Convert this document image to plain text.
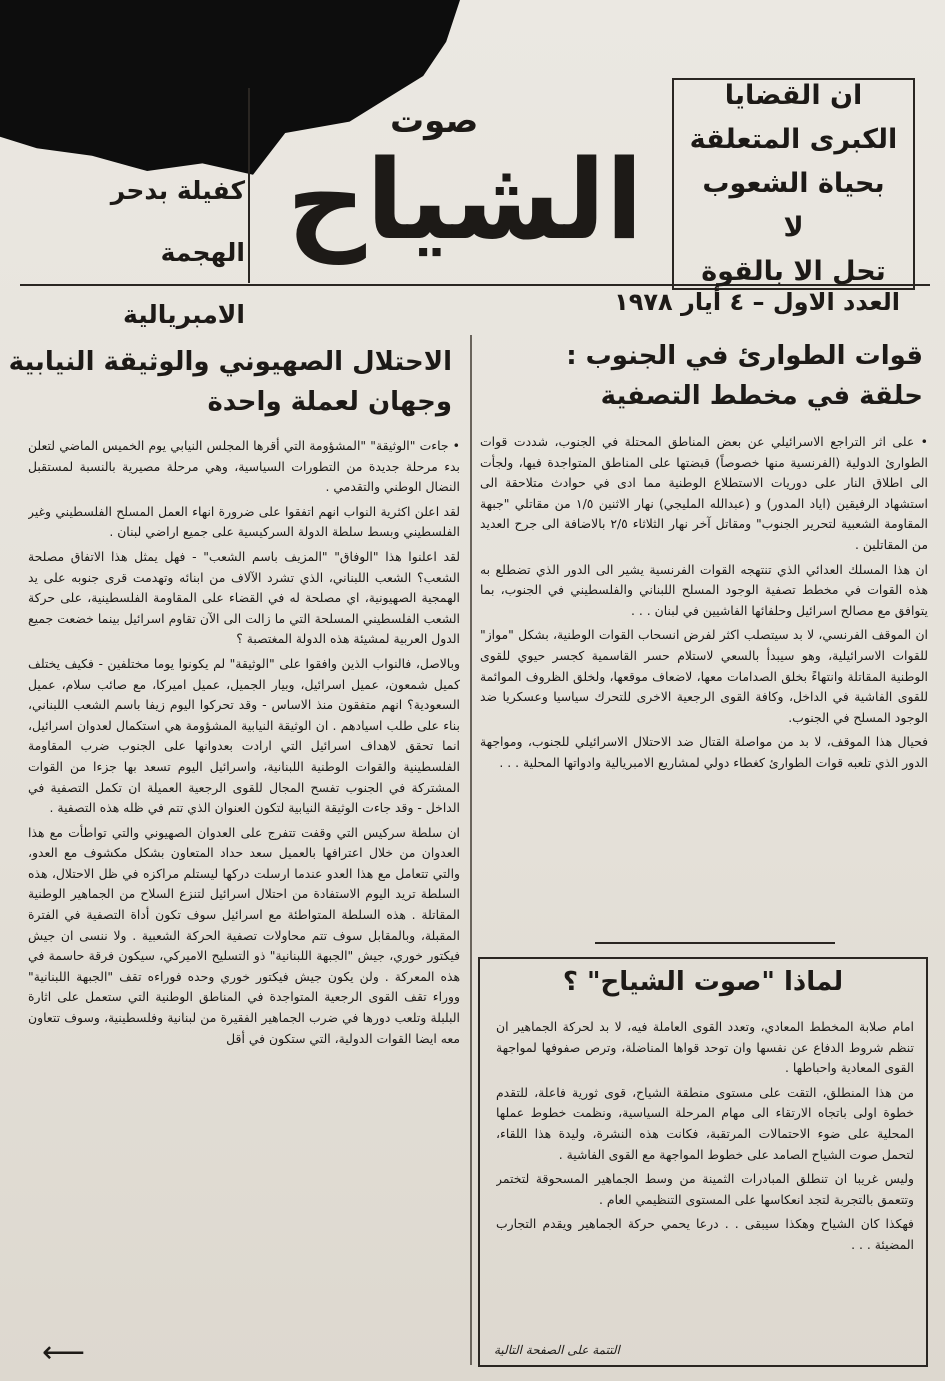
ان القضايا
الكبرى المتعلقة
بحياة الشعوب
لا
تحل الا بالقوة
صوت
الشياح
كفيلة بدحر
الهجمة الامبريالية	العدد الاول – ٤ أيار ١٩٧٨
قوات الطوارئ في الجنوب :
حلقة في مخطط التصفية

• على اثر التراجع الاسرائيلي عن بعض المناطق المحتلة في الجنوب، شددت قوات الطوارئ الدولية (الفرنسية منها خصوصاً) قبضتها على المناطق المتواجدة فيها، ولجأت الى اطلاق النار على دوريات الاستطلاع الوطنية مما ادى في حوادث متلاحقة الى استشهاد الرفيقين (اياد المدور) و (عبدالله المليجي) نهار الاثنين ١/٥ من مقاتلي "جبهة المقاومة الشعبية لتحرير الجنوب" ومقاتل آخر نهار الثلاثاء ٢/٥ بالاضافة الى جرح العديد من المقاتلين .

ان هذا المسلك العدائي الذي تنتهجه القوات الفرنسية يشير الى الدور الذي تضطلع به هذه القوات في مخطط تصفية الوجود المسلح اللبناني والفلسطيني في الجنوب، بما يتوافق مع مصالح اسرائيل وحلفائها الفاشيين في لبنان . . .

ان الموقف الفرنسي، لا بد سيتصلب اكثر لفرض انسحاب القوات الوطنية، بشكل "مواز" للقوات الاسرائيلية، وهو سيبدأ بالسعي لاستلام حسر القاسمية كجسر حيوي للقوى الوطنية المقاتلة وانتهاءً بخلق الصدامات معها، لاضعاف موقعها، ولخلق الظروف الموائمة للقوى الفاشية في الداخل، وكافة القوى الرجعية الاخرى للتحرك سياسيا وعسكريا ضد الوجود المسلح في الجنوب.

فحيال هذا الموقف، لا بد من مواصلة القتال ضد الاحتلال الاسرائيلي للجنوب، ومواجهة الدور الذي تلعبه قوات الطوارئ كغطاء دولي لمشاريع الامبريالية وادواتها المحلية . . .

الاحتلال الصهيوني والوثيقة النيابية
وجهان لعملة واحدة

• جاءت "الوثيقة" "المشؤومة التي أقرها المجلس النيابي يوم الخميس الماضي لتعلن بدء مرحلة جديدة من التطورات السياسية، وهي مرحلة مصيرية بالنسبة لمستقبل النضال الوطني والتقدمي .

لقد اعلن اكثرية النواب انهم اتفقوا على ضرورة انهاء العمل المسلح الفلسطيني وغير الفلسطيني وبسط سلطة الدولة السركيسية على جميع اراضي لبنان .

لقد اعلنوا هذا "الوفاق" "المزيف باسم الشعب" - فهل يمثل هذا الاتفاق مصلحة الشعب؟ الشعب اللبناني، الذي تشرد الآلاف من ابنائه وتهدمت قرى جنوبه على يد الهمجية الصهيونية، اي مصلحة له في القضاء على المقاومة الفلسطينية، على حركة الشعب الفلسطيني المسلحة التي ما زالت الى الآن تقاوم اسرائيل بينما خضعت جميع الدول العربية لمشيئة هذه الدولة المغتصبة ؟

وبالاصل، فالنواب الذين وافقوا على "الوثيقة" لم يكونوا يوما مختلفين - فكيف يختلف كميل شمعون، عميل اسرائيل، وبيار الجميل، عميل اميركا، مع صائب سلام، عميل السعودية؟ انهم متفقون منذ الاساس - وقد تحركوا اليوم زيفا باسم الشعب اللبناني، بناء على طلب اسيادهم . ان الوثيقة النيابية المشؤومة هي استكمال لعدوان اسرائيل، انما تحقق لاهداف اسرائيل التي ارادت بعدوانها على الجنوب ضرب المقاومة الفلسطينية والقوات الوطنية اللبنانية، واسرائيل اليوم تسعد بها جزءا من القوات المشتركة في الجنوب تفسح المجال للقوى الرجعية العميلة ان تكمل التصفية في الداخل - وقد جاءت الوثيقة النيابية لتكون العنوان الذي تتم في ظله هذه التصفية .

ان سلطة سركيس التي وقفت تتفرج على العدوان الصهيوني والتي تواطأت مع هذا العدوان من خلال اعترافها بالعميل سعد حداد المتعاون بشكل مكشوف مع العدو، والتي تتعامل مع هذا العدو عندما ارسلت دركها ليستلم مراكزه في ظل الاحتلال، هذه السلطة تريد اليوم الاستفادة من احتلال اسرائيل لتنزع السلاح من الجماهير الوطنية المقاتلة . هذه السلطة المتواطئة مع اسرائيل سوف تكون أداة التصفية في الفترة المقبلة، وبالمقابل سوف تتم محاولات تصفية الحركة الشعبية . ولا ننسى ان جيش فيكتور خوري، جيش "الجبهة اللبنانية" ذو التسليح الاميركي، سيكون فرقة حاسمة في هذه المعركة . ولن يكون جيش فيكتور خوري وحده فوراءه تقف "الجبهة اللبنانية" ووراء تقف القوى الرجعية المتواجدة في المناطق الوطنية التي ستعمل على اثارة البلبلة وتلعب دورها في ضرب الجماهير الفقيرة من لبنانية وفلسطينية، وسوف تتعاون معه ايضا القوات الدولية، التي ستكون في أقل

⟵
لماذا "صوت الشياح" ؟

امام صلابة المخطط المعادي، وتعدد القوى العاملة فيه، لا بد لحركة الجماهير ان تنظم شروط الدفاع عن نفسها وان توحد قواها المناضلة، وترص صفوفها لمواجهة القوى المعادية واحباطها .

من هذا المنطلق، التقت على مستوى منطقة الشياح، قوى ثورية فاعلة، للتقدم خطوة اولى باتجاه الارتقاء الى مهام المرحلة السياسية، ونظمت خطوط عملها المحلية على ضوء الاحتمالات المرتقبة، فكانت هذه النشرة، وليدة هذا اللقاء، لتحمل صوت الشياح الصامد على خطوط المواجهة مع القوى الفاشية .

وليس غريبا ان تنطلق المبادرات الثمينة من وسط الجماهير المسحوقة لتختمر وتتعمق بالتجربة لتجد انعكاسها على المستوى التنظيمي العام .

فهكذا كان الشياح وهكذا سيبقى . . درعا يحمي حركة الجماهير ويقدم التجارب المضيئة . . .

التتمة على الصفحة التالية
